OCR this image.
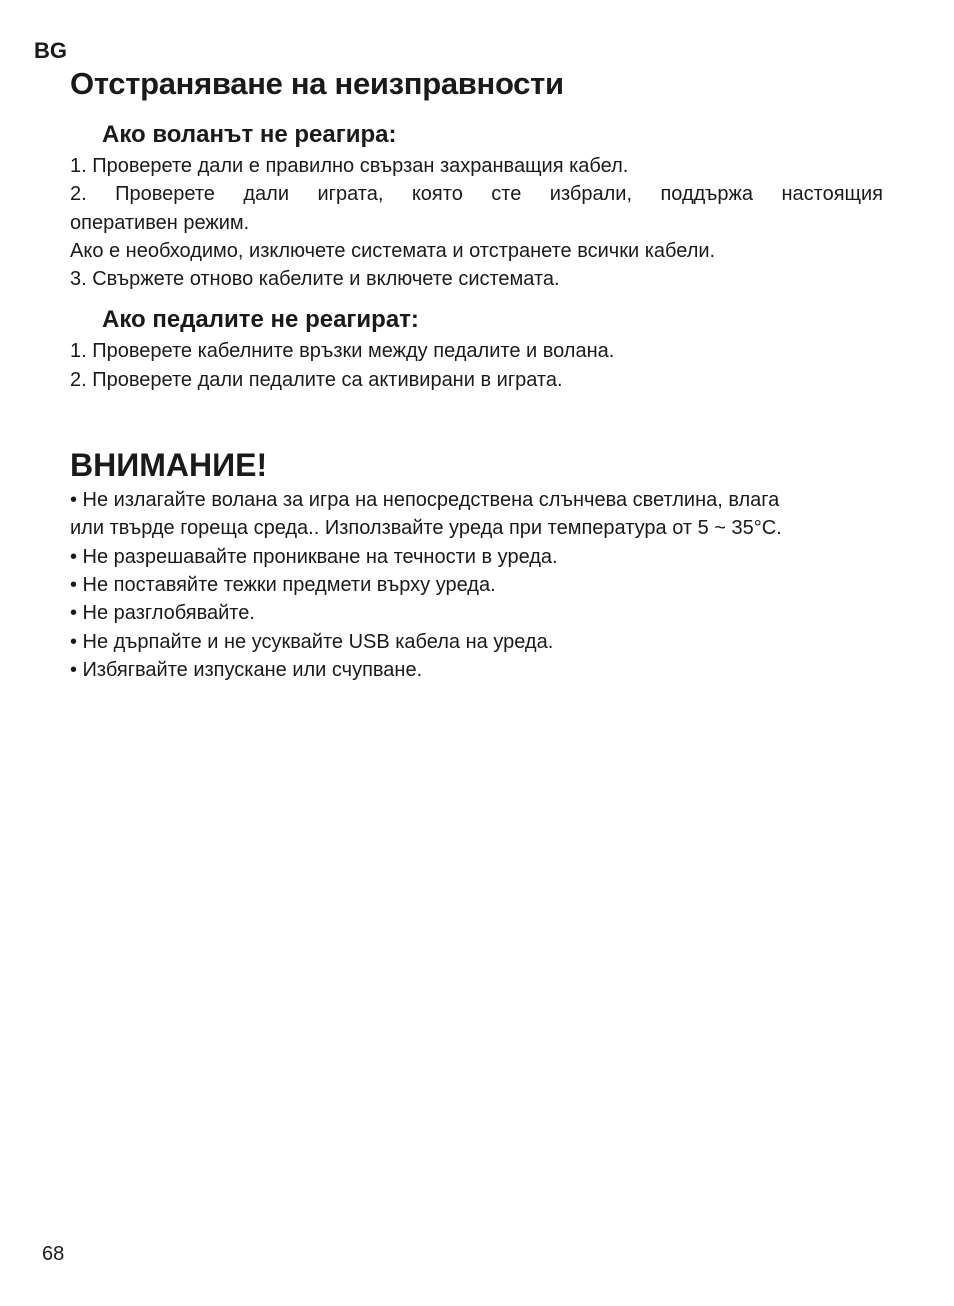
BG

Отстраняване на неизправности
Ако воланът не реагира:

1. Проверете дали е правилно свързан захранващия кабел.

2. Проверете дали играта, която сте избрали, поддържа настоящия

оперативен режим.

Ако е необходимо, изключете системата и отстранете всички кабели.

3. Свържете отново кабелите и включете системата.

Ако педалите не реагират:

1. Проверете кабелните връзки между педалите и волана.

2. Проверете дали педалите са активирани в играта.

ВНИМАНИЕ!

• Не излагайте волана за игра на непосредствена слънчева светлина, влага

или твърде гореща среда.. Използвайте уреда при температура от 5 ~ 35°C.

• Не разрешавайте проникване на течности в уреда.

• Не поставяйте тежки предмети върху уреда.

• Не разглобявайте.

• Не дърпайте и не усуквайте USB кабела на уреда.

• Избягвайте изпускане или счупване.

68
